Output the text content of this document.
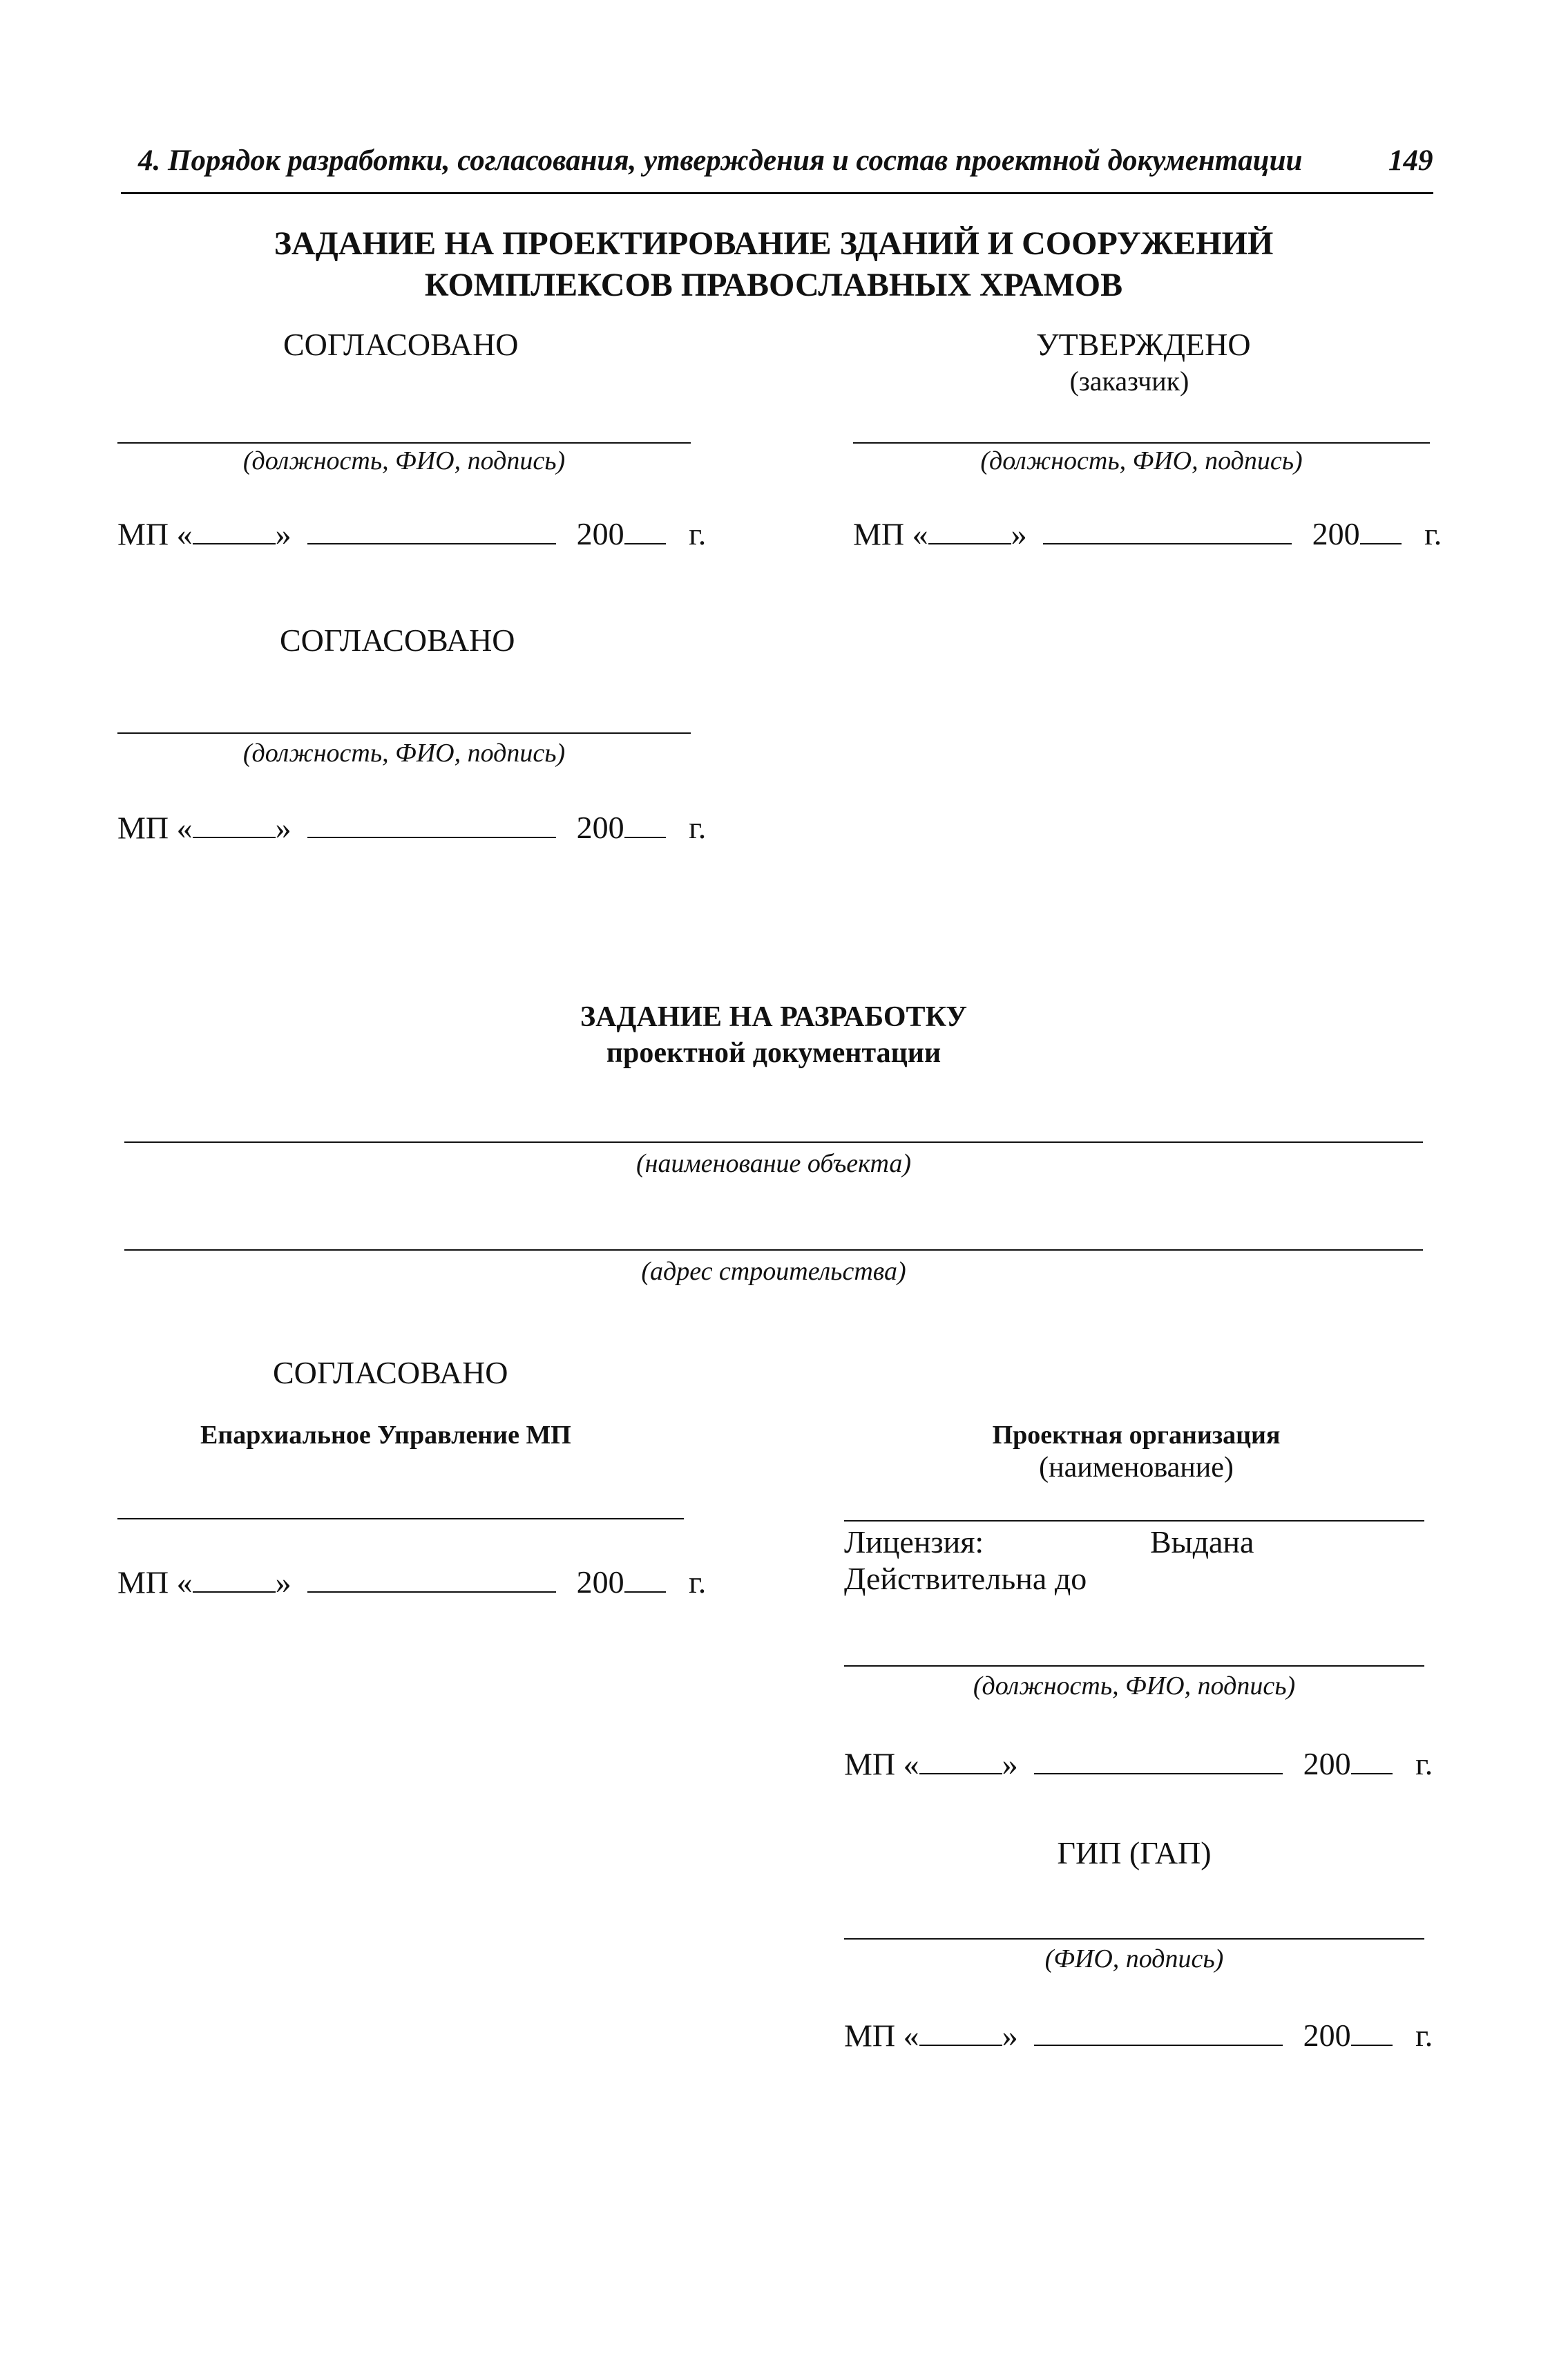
4. Порядок разработки, согласования, утверждения и состав проектной документации	149
ЗАДАНИЕ НА ПРОЕКТИРОВАНИЕ ЗДАНИЙ И СООРУЖЕНИЙ
КОМПЛЕКСОВ ПРАВОСЛАВНЫХ ХРАМОВ
СОГЛАСОВАНО
(должность, ФИО, подпись)
МП «	»	200 г.
УТВЕРЖДЕНО
(заказчик)
(должность, ФИО, подпись)
МП «	»	200 г.
СОГЛАСОВАНО
(должность, ФИО, подпись)
МП «	»	200 г.
ЗАДАНИЕ НА РАЗРАБОТКУ
проектной документации
(наименование объекта)
(адрес строительства)
СОГЛАСОВАНО
Епархиальное Управление МП
МП «	»	200 г.
Проектная организация
(наименование)
Лицензия:	Выдана
Действительна до
(должность, ФИО, подпись)
МП «	»	200 г.
ГИП (ГАП)
(ФИО, подпись)
МП «	»	200 г.
